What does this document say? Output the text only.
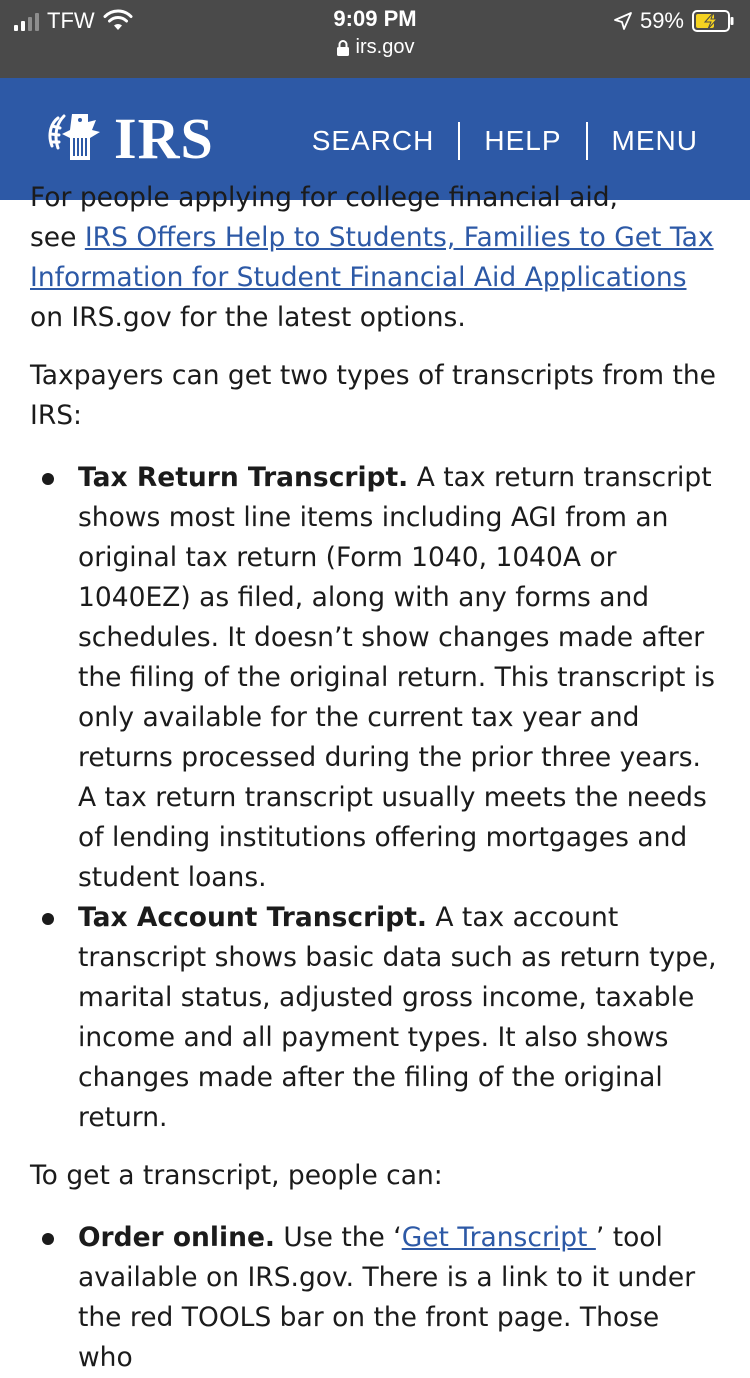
TFW	9:09 PM
irs.gov
59%
IRS	SEARCH	HELP	MENU
For people applying for college financial aid,

see IRS Offers Help to Students, Families to Get Tax Information for Student Financial Aid Applications on IRS.gov for the latest options.

Taxpayers can get two types of transcripts from the IRS:

Tax Return Transcript. A tax return transcript shows most line items including AGI from an original tax return (Form 1040, 1040A or 1040EZ) as filed, along with any forms and schedules. It doesn’t show changes made after the filing of the original return. This transcript is only available for the current tax year and returns processed during the prior three years. A tax return transcript usually meets the needs of lending institutions offering mortgages and student loans.
Tax Account Transcript. A tax account transcript shows basic data such as return type, marital status, adjusted gross income, taxable income and all payment types. It also shows changes made after the filing of the original return.

To get a transcript, people can:

Order online. Use the ‘Get Transcript ’ tool available on IRS.gov. There is a link to it under the red TOOLS bar on the front page. Those who
